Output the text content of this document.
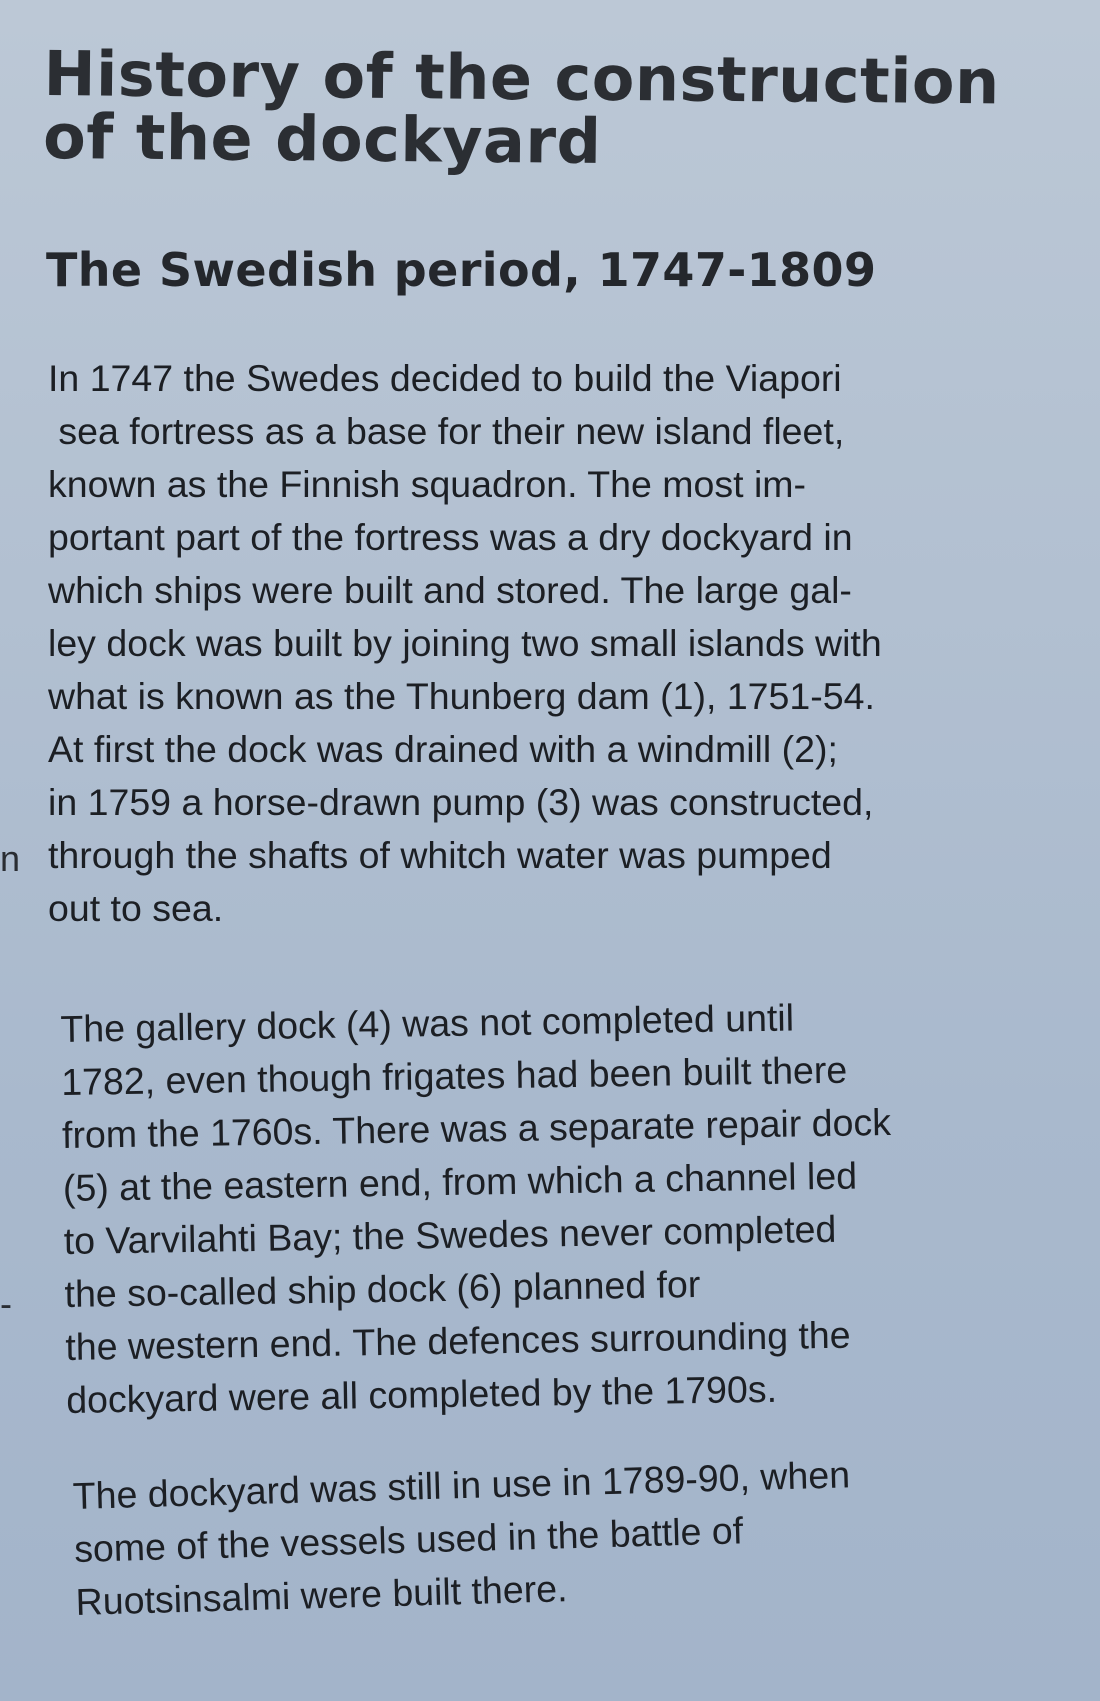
History of the construction
of the dockyard
The Swedish period, 1747-1809
In 1747 the Swedes decided to build the Viapori
sea fortress as a base for their new island fleet,
known as the Finnish squadron. The most im-
portant part of the fortress was a dry dockyard in
which ships were built and stored. The large gal-
ley dock was built by joining two small islands with
what is known as the Thunberg dam (1), 1751-54.
At first the dock was drained with a windmill (2);
in 1759 a horse-drawn pump (3) was constructed,
through the shafts of whitch water was pumped
out to sea.
The gallery dock (4) was not completed until
1782, even though frigates had been built there
from the 1760s. There was a separate repair dock
(5) at the eastern end, from which a channel led
to Varvilahti Bay; the Swedes never completed
the so-called ship dock (6) planned for
the western end. The defences surrounding the
dockyard were all completed by the 1790s.
The dockyard was still in use in 1789-90, when
some of the vessels used in the battle of
Ruotsinsalmi were built there.
n
-
